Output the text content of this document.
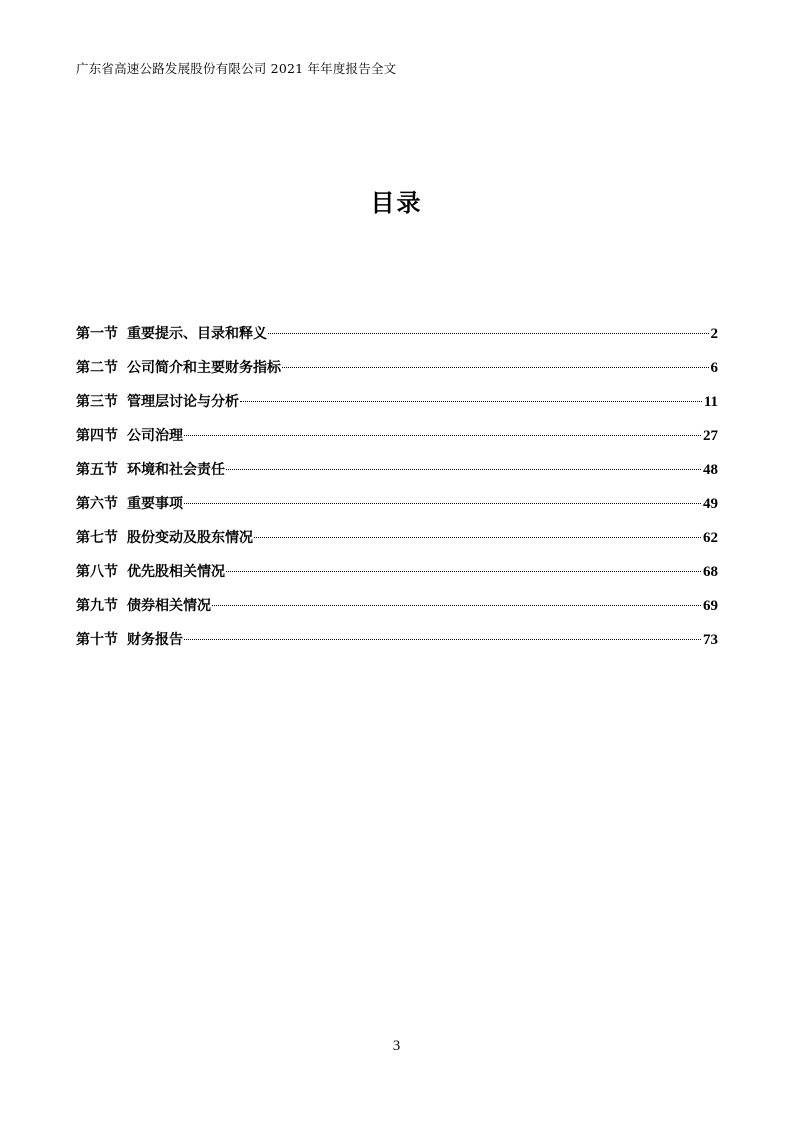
广东省高速公路发展股份有限公司 2021 年年度报告全文
目录
第一节 重要提示、目录和释义	2
第二节 公司简介和主要财务指标	6
第三节 管理层讨论与分析	11
第四节 公司治理	27
第五节 环境和社会责任	48
第六节 重要事项	49
第七节 股份变动及股东情况	62
第八节 优先股相关情况	68
第九节 债券相关情况	69
第十节 财务报告	73
3
